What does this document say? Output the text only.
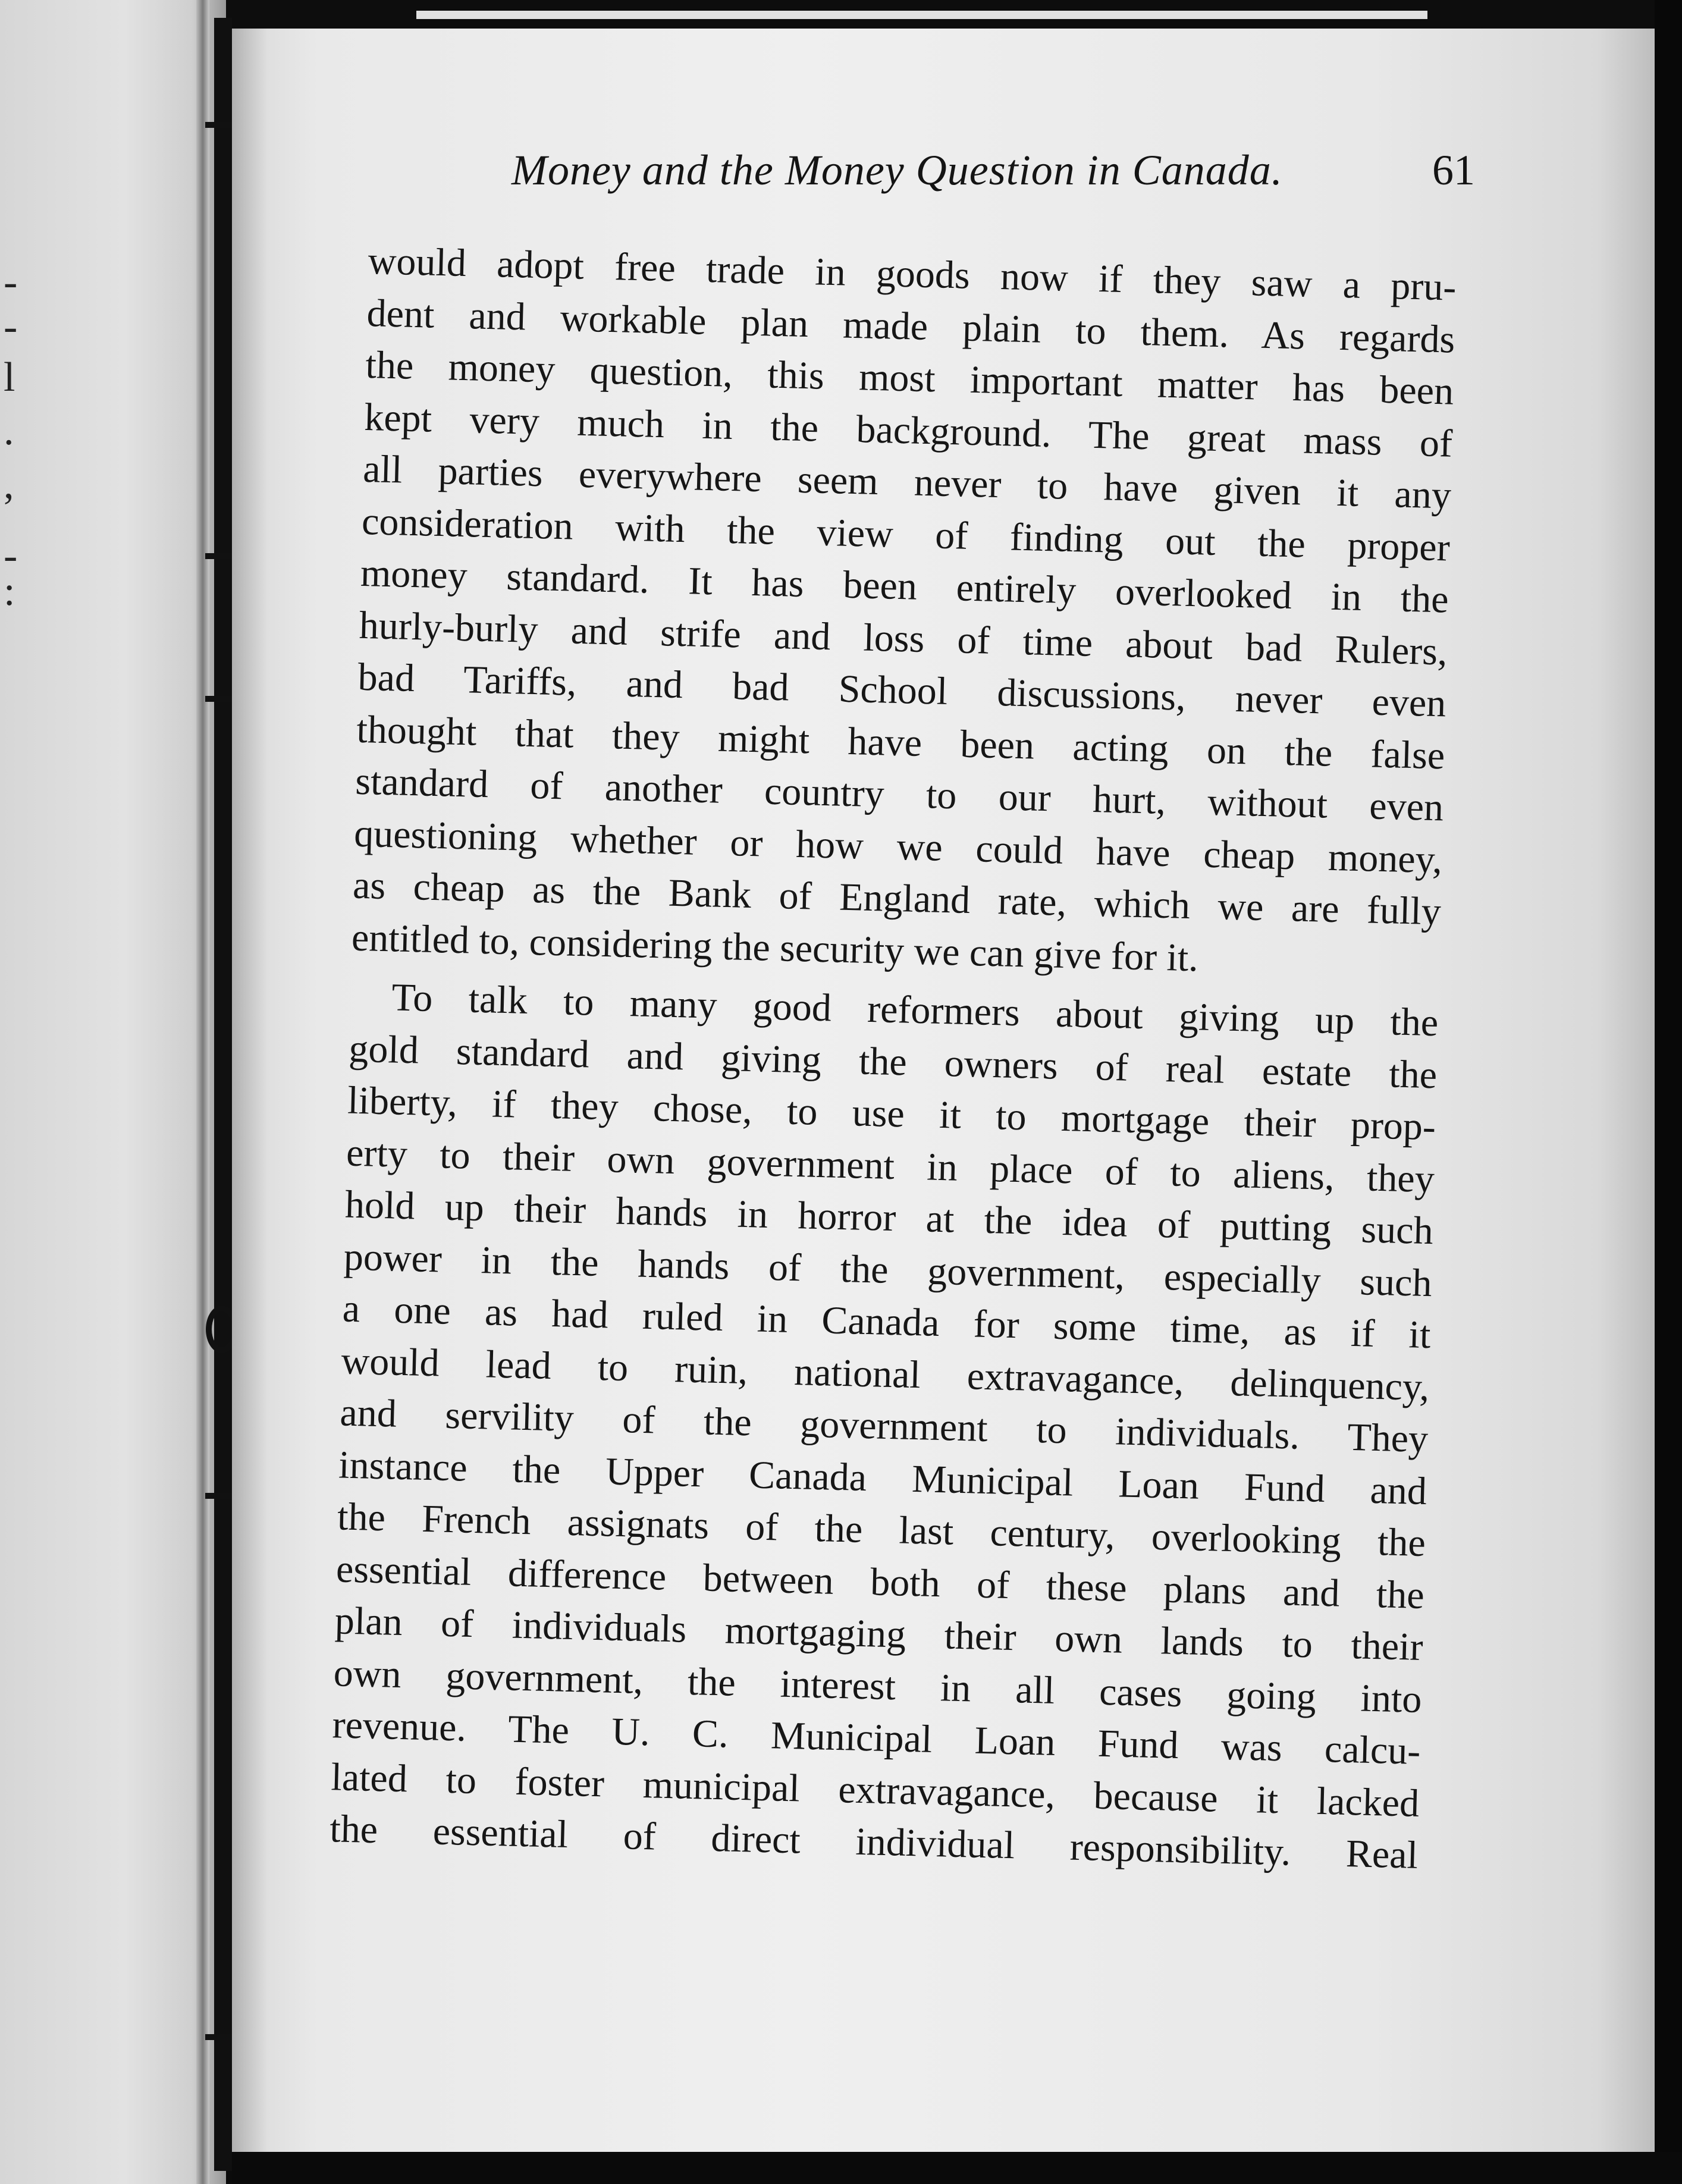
-
-
l
.
,
-
:
Money and the Money Question in Canada.	61
would adopt free trade in goods now if they saw a pru-
dent and workable plan made plain to them. As regards
the money question, this most important matter has been
kept very much in the background. The great mass of
all parties everywhere seem never to have given it any
consideration with the view of finding out the proper
money standard. It has been entirely overlooked in the
hurly-burly and strife and loss of time about bad Rulers,
bad Tariffs, and bad School discussions, never even
thought that they might have been acting on the false
standard of another country to our hurt, without even
questioning whether or how we could have cheap money,
as cheap as the Bank of England rate, which we are fully
entitled to, considering the security we can give for it.
To talk to many good reformers about giving up the
gold standard and giving the owners of real estate the
liberty, if they chose, to use it to mortgage their prop-
erty to their own government in place of to aliens, they
hold up their hands in horror at the idea of putting such
power in the hands of the government, especially such
a one as had ruled in Canada for some time, as if it
would lead to ruin, national extravagance, delinquency,
and servility of the government to individuals. They
instance the Upper Canada Municipal Loan Fund and
the French assignats of the last century, overlooking the
essential difference between both of these plans and the
plan of individuals mortgaging their own lands to their
own government, the interest in all cases going into
revenue. The U. C. Municipal Loan Fund was calcu-
lated to foster municipal extravagance, because it lacked
the essential of direct individual responsibility. Real
